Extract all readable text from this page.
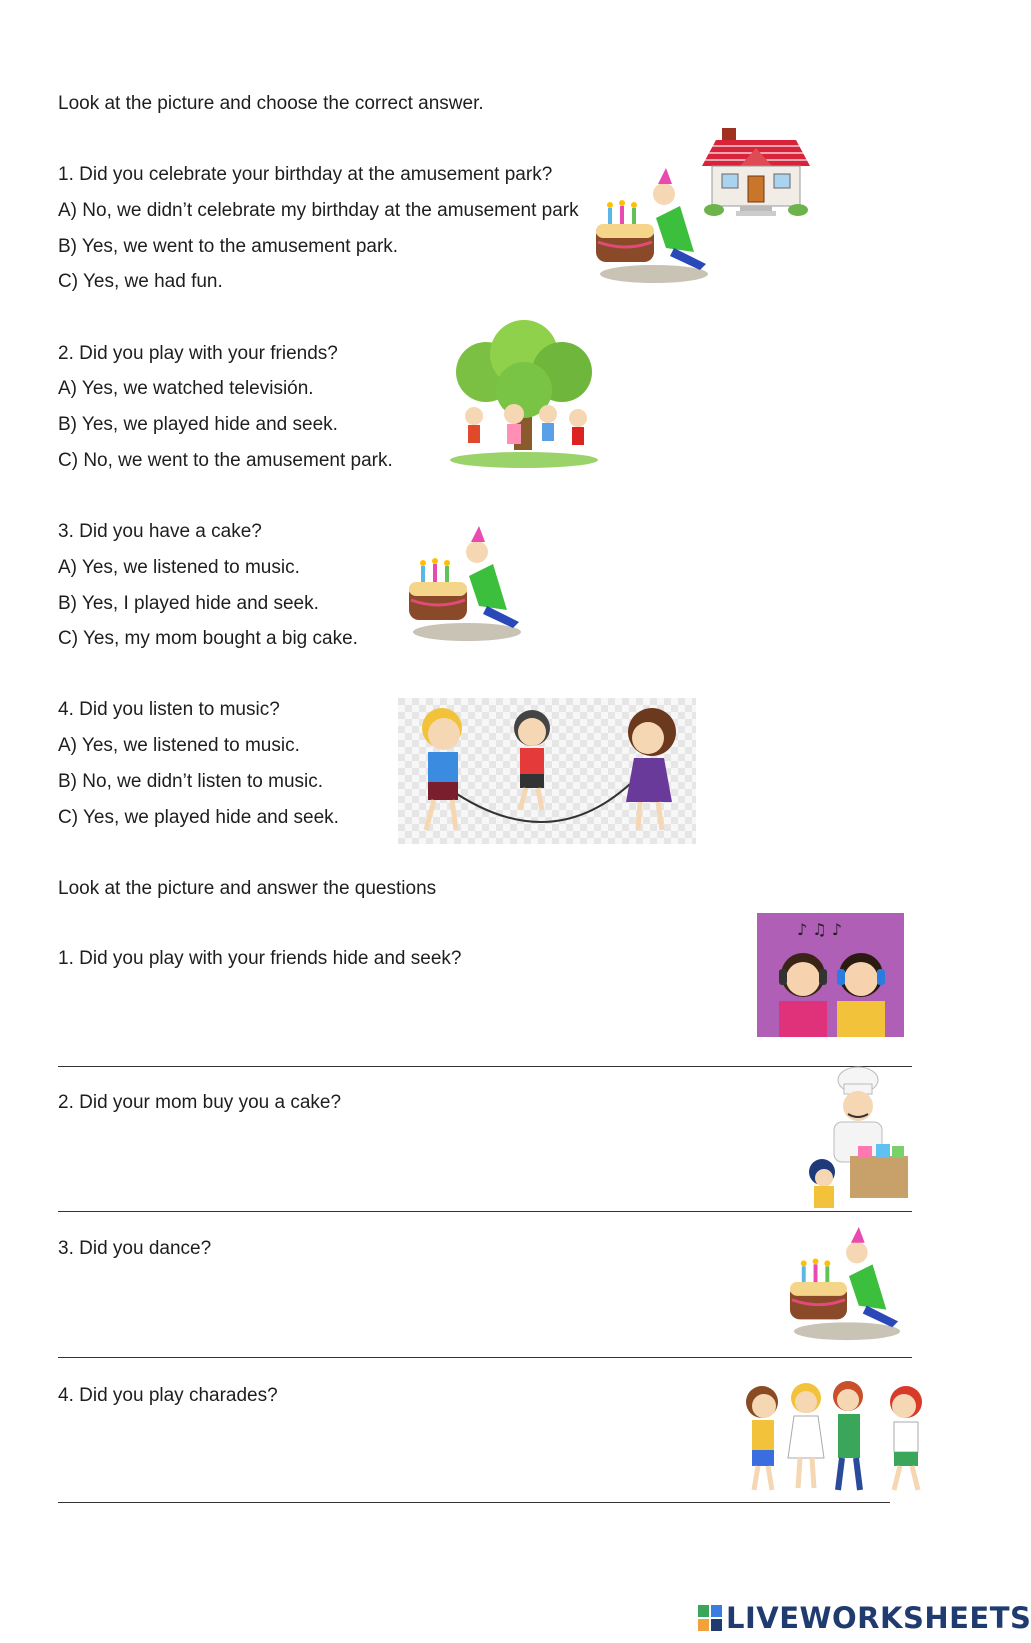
Look at the picture and choose the correct answer.
1. Did you celebrate your birthday at the amusement park?
A) No, we didn’t celebrate my birthday at the amusement park
B) Yes, we went to the amusement park.
C) Yes, we had fun.
2. Did you play with your friends?
A) Yes, we watched televisión.
B) Yes, we played hide and seek.
C) No, we went to the amusement park.
3. Did you have a cake?
A) Yes, we listened to music.
B) Yes, I played hide and seek.
C) Yes, my mom bought a big cake.
4. Did you listen to music?
A) Yes, we listened to music.
B) No, we didn’t listen to music.
C) Yes, we played hide and seek.
Look at the picture and answer the questions
1. Did you play with your friends hide and seek?
2. Did your mom buy you a cake?
3. Did you dance?
4. Did you play charades?
♪ ♫ ♪
LIVEWORKSHEETS
